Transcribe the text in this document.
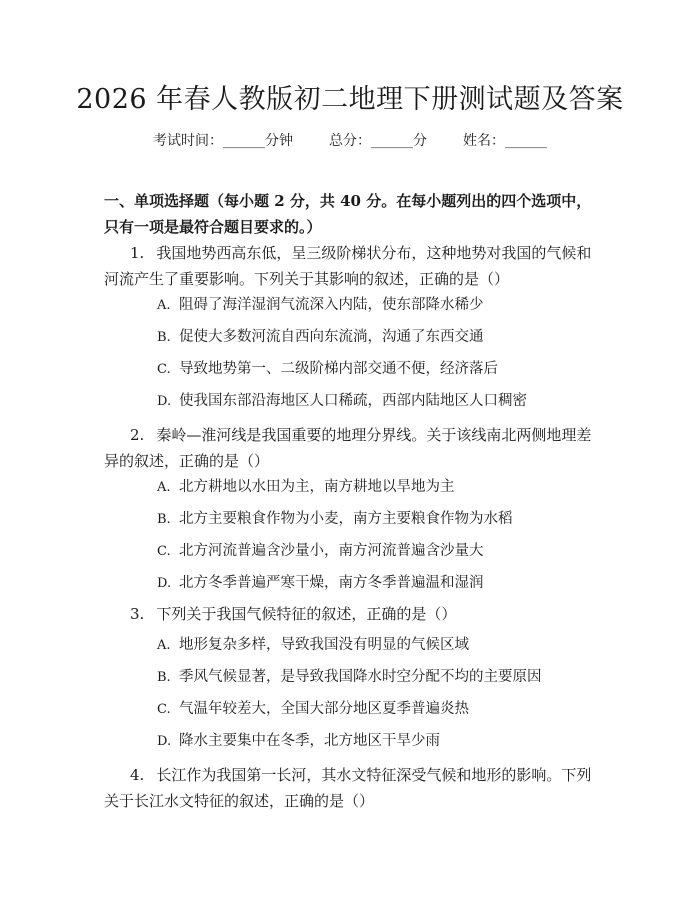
2026 年春人教版初二地理下册测试题及答案
考试时间：______分钟	总分：______分	姓名：______
一、单项选择题（每小题 2 分，共 40 分。在每小题列出的四个选项中，只有一项是最符合题目要求的。）
1. 我国地势西高东低，呈三级阶梯状分布，这种地势对我国的气候和河流产生了重要影响。下列关于其影响的叙述，正确的是（）
A. 阻碍了海洋湿润气流深入内陆，使东部降水稀少
B. 促使大多数河流自西向东流淌，沟通了东西交通
C. 导致地势第一、二级阶梯内部交通不便，经济落后
D. 使我国东部沿海地区人口稀疏，西部内陆地区人口稠密
2. 秦岭—淮河线是我国重要的地理分界线。关于该线南北两侧地理差异的叙述，正确的是（）
A. 北方耕地以水田为主，南方耕地以旱地为主
B. 北方主要粮食作物为小麦，南方主要粮食作物为水稻
C. 北方河流普遍含沙量小，南方河流普遍含沙量大
D. 北方冬季普遍严寒干燥，南方冬季普遍温和湿润
3. 下列关于我国气候特征的叙述，正确的是（）
A. 地形复杂多样，导致我国没有明显的气候区域
B. 季风气候显著，是导致我国降水时空分配不均的主要原因
C. 气温年较差大，全国大部分地区夏季普遍炎热
D. 降水主要集中在冬季，北方地区干旱少雨
4. 长江作为我国第一长河，其水文特征深受气候和地形的影响。下列关于长江水文特征的叙述，正确的是（）
